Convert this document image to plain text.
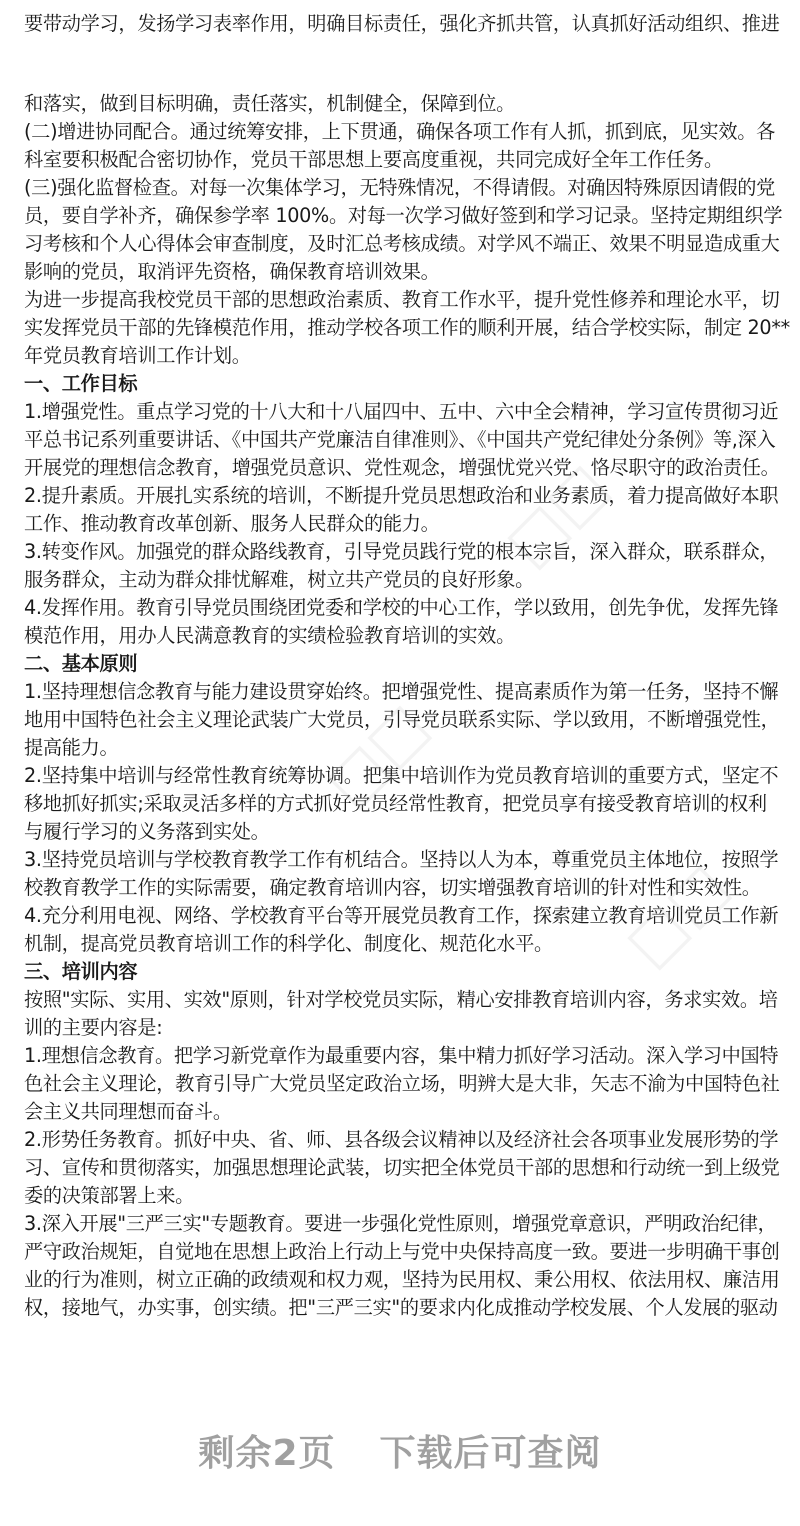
要带动学习，发扬学习表率作用，明确目标责任，强化齐抓共管，认真抓好活动组织、推进
和落实，做到目标明确，责任落实，机制健全，保障到位。
(二)增进协同配合。通过统筹安排，上下贯通，确保各项工作有人抓，抓到底，见实效。各
科室要积极配合密切协作，党员干部思想上要高度重视，共同完成好全年工作任务。
(三)强化监督检查。对每一次集体学习，无特殊情况，不得请假。对确因特殊原因请假的党
员，要自学补齐，确保参学率 100%。对每一次学习做好签到和学习记录。坚持定期组织学
习考核和个人心得体会审查制度，及时汇总考核成绩。对学风不端正、效果不明显造成重大
影响的党员，取消评先资格，确保教育培训效果。
为进一步提高我校党员干部的思想政治素质、教育工作水平，提升党性修养和理论水平，切
实发挥党员干部的先锋模范作用，推动学校各项工作的顺利开展，结合学校实际，制定 20**
年党员教育培训工作计划。
一、工作目标
1.增强党性。重点学习党的十八大和十八届四中、五中、六中全会精神，学习宣传贯彻习近
平总书记系列重要讲话、《中国共产党廉洁自律准则》、《中国共产党纪律处分条例》等,深入
开展党的理想信念教育，增强党员意识、党性观念，增强忧党兴党、恪尽职守的政治责任。
2.提升素质。开展扎实系统的培训，不断提升党员思想政治和业务素质，着力提高做好本职
工作、推动教育改革创新、服务人民群众的能力。
3.转变作风。加强党的群众路线教育，引导党员践行党的根本宗旨，深入群众，联系群众，
服务群众，主动为群众排忧解难，树立共产党员的良好形象。
4.发挥作用。教育引导党员围绕团党委和学校的中心工作，学以致用，创先争优，发挥先锋
模范作用，用办人民满意教育的实绩检验教育培训的实效。
二、基本原则
1.坚持理想信念教育与能力建设贯穿始终。把增强党性、提高素质作为第一任务，坚持不懈
地用中国特色社会主义理论武装广大党员，引导党员联系实际、学以致用，不断增强党性，
提高能力。
2.坚持集中培训与经常性教育统筹协调。把集中培训作为党员教育培训的重要方式，坚定不
移地抓好抓实;采取灵活多样的方式抓好党员经常性教育，把党员享有接受教育培训的权利
与履行学习的义务落到实处。
3.坚持党员培训与学校教育教学工作有机结合。坚持以人为本，尊重党员主体地位，按照学
校教育教学工作的实际需要，确定教育培训内容，切实增强教育培训的针对性和实效性。
4.充分利用电视、网络、学校教育平台等开展党员教育工作，探索建立教育培训党员工作新
机制，提高党员教育培训工作的科学化、制度化、规范化水平。
三、培训内容
按照"实际、实用、实效"原则，针对学校党员实际，精心安排教育培训内容，务求实效。培
训的主要内容是:
1.理想信念教育。把学习新党章作为最重要内容，集中精力抓好学习活动。深入学习中国特
色社会主义理论，教育引导广大党员坚定政治立场，明辨大是大非，矢志不渝为中国特色社
会主义共同理想而奋斗。
2.形势任务教育。抓好中央、省、师、县各级会议精神以及经济社会各项事业发展形势的学
习、宣传和贯彻落实，加强思想理论武装，切实把全体党员干部的思想和行动统一到上级党
委的决策部署上来。
3.深入开展"三严三实"专题教育。要进一步强化党性原则，增强党章意识，严明政治纪律，
严守政治规矩，自觉地在思想上政治上行动上与党中央保持高度一致。要进一步明确干事创
业的行为准则，树立正确的政绩观和权力观，坚持为民用权、秉公用权、依法用权、廉洁用
权，接地气，办实事，创实绩。把"三严三实"的要求内化成推动学校发展、个人发展的驱动
□□
□□
□□
剩余2页 下载后可查阅
